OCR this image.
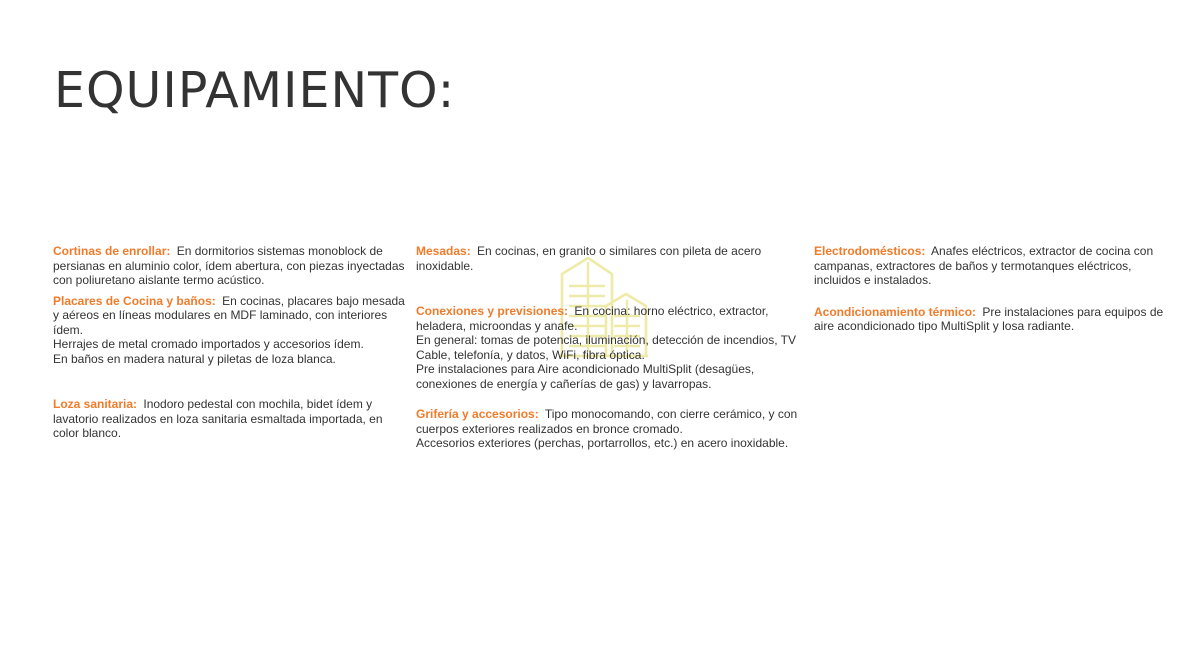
EQUIPAMIENTO:

Cortinas de enrollar: En dormitorios sistemas monoblock de persianas en aluminio color, ídem abertura, con piezas inyectadas con poliuretano aislante termo acústico.

Placares de Cocina y baños: En cocinas, placares bajo mesada y aéreos en líneas modulares en MDF laminado, con interiores ídem.
Herrajes de metal cromado importados y accesorios ídem.
En baños en madera natural y piletas de loza blanca.

Loza sanitaria: Inodoro pedestal con mochila, bidet ídem y lavatorio realizados en loza sanitaria esmaltada importada, en color blanco.

Mesadas: En cocinas, en granito o similares con pileta de acero inoxidable.

Conexiones y previsiones: En cocina: horno eléctrico, extractor, heladera, microondas y anafe.
En general: tomas de potencia, iluminación, detección de incendios, TV Cable, telefonía, y datos, WiFi, fibra óptica.
Pre instalaciones para Aire acondicionado MultiSplit (desagües, conexiones de energía y cañerías de gas) y lavarropas.

Grifería y accesorios: Tipo monocomando, con cierre cerámico, y con cuerpos exteriores realizados en bronce cromado.
Accesorios exteriores (perchas, portarrollos, etc.) en acero inoxidable.

Electrodomésticos: Anafes eléctricos, extractor de cocina con campanas, extractores de baños y termotanques eléctricos, incluidos e instalados.

Acondicionamiento térmico: Pre instalaciones para equipos de aire acondicionado tipo MultiSplit y losa radiante.
